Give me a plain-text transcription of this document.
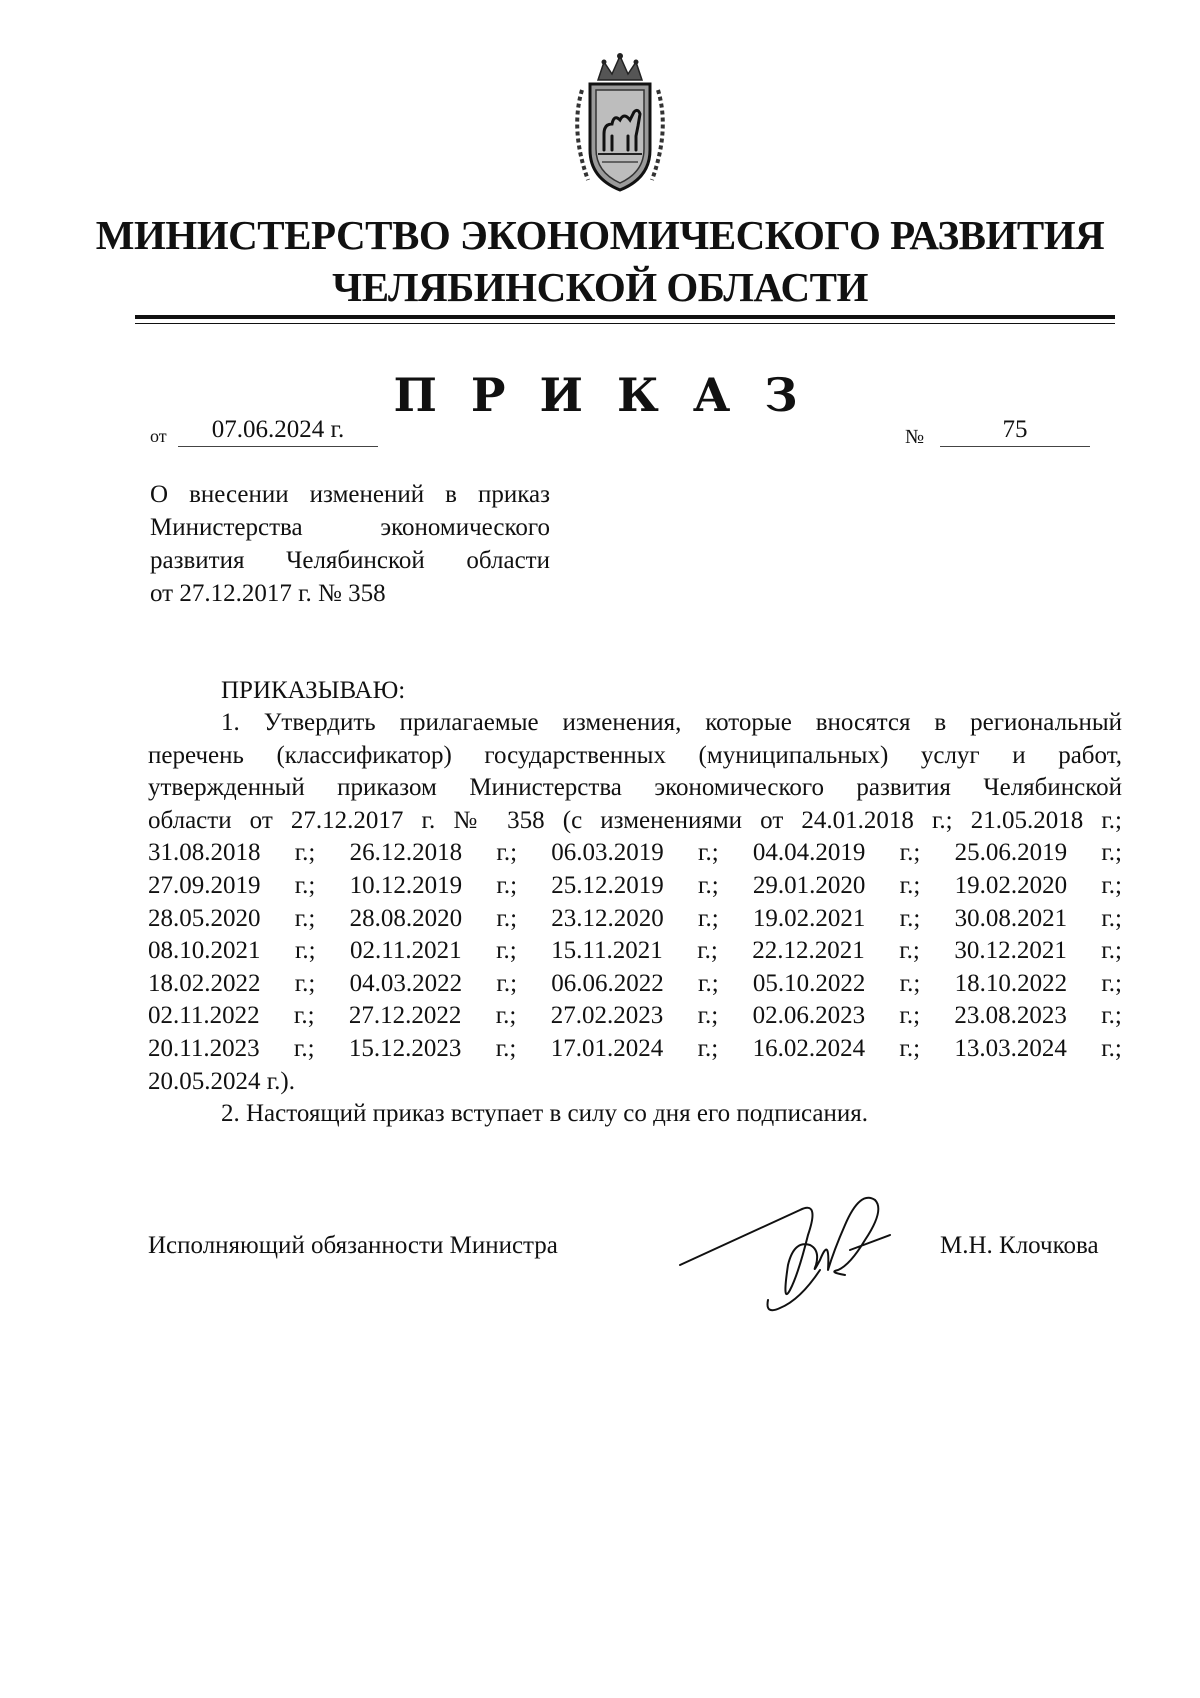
МИНИСТЕРСТВО ЭКОНОМИЧЕСКОГО РАЗВИТИЯ
ЧЕЛЯБИНСКОЙ ОБЛАСТИ
П Р И К А З
от	07.06.2024 г.	№	75
О внесении изменений в приказ
Министерства экономического
развития Челябинской области
от 27.12.2017 г. № 358
ПРИКАЗЫВАЮ:
1. Утвердить прилагаемые изменения, которые вносятся в региональный
перечень (классификатор) государственных (муниципальных) услуг и работ,
утвержденный приказом Министерства экономического развития Челябинской
области от 27.12.2017 г. № 358 (с изменениями от 24.01.2018 г.; 21.05.2018 г.;
31.08.2018 г.; 26.12.2018 г.; 06.03.2019 г.; 04.04.2019 г.; 25.06.2019 г.;
27.09.2019 г.; 10.12.2019 г.; 25.12.2019 г.; 29.01.2020 г.; 19.02.2020 г.;
28.05.2020 г.; 28.08.2020 г.; 23.12.2020 г.; 19.02.2021 г.; 30.08.2021 г.;
08.10.2021 г.; 02.11.2021 г.; 15.11.2021 г.; 22.12.2021 г.; 30.12.2021 г.;
18.02.2022 г.; 04.03.2022 г.; 06.06.2022 г.; 05.10.2022 г.; 18.10.2022 г.;
02.11.2022 г.; 27.12.2022 г.; 27.02.2023 г.; 02.06.2023 г.; 23.08.2023 г.;
20.11.2023 г.; 15.12.2023 г.; 17.01.2024 г.; 16.02.2024 г.; 13.03.2024 г.;
20.05.2024 г.).
2. Настоящий приказ вступает в силу со дня его подписания.
Исполняющий обязанности Министра	М.Н. Клочкова
